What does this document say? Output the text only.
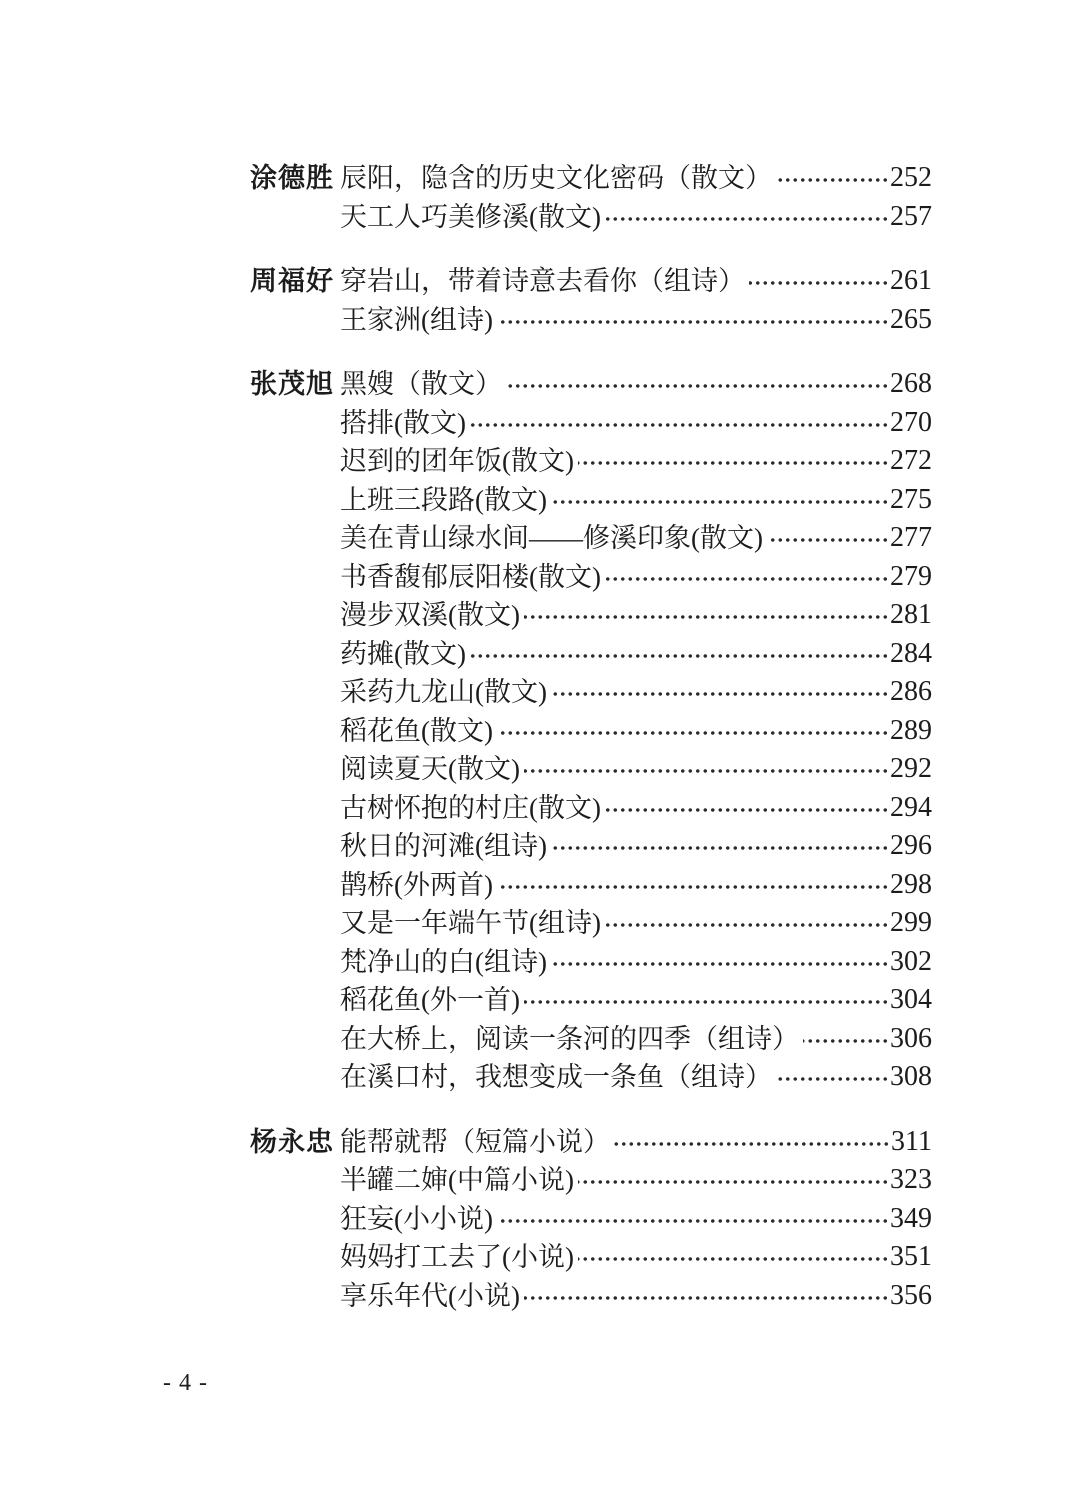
涂德胜 辰阳，隐含的历史文化密码（散文）	252
天工人巧美修溪(散文)	257
周福好 穿岩山，带着诗意去看你（组诗）	261
王家洲(组诗)	265
张茂旭 黑嫂（散文）	268
搭排(散文)	270
迟到的团年饭(散文)	272
上班三段路(散文)	275
美在青山绿水间——修溪印象(散文)	277
书香馥郁辰阳楼(散文)	279
漫步双溪(散文)	281
药摊(散文)	284
采药九龙山(散文)	286
稻花鱼(散文)	289
阅读夏天(散文)	292
古树怀抱的村庄(散文)	294
秋日的河滩(组诗)	296
鹊桥(外两首)	298
又是一年端午节(组诗)	299
梵净山的白(组诗)	302
稻花鱼(外一首)	304
在大桥上，阅读一条河的四季（组诗）	306
在溪口村，我想变成一条鱼（组诗）	308
杨永忠 能帮就帮（短篇小说）	311
半罐二婶(中篇小说)	323
狂妄(小小说)	349
妈妈打工去了(小说)	351
享乐年代(小说)	356
- 4 -
